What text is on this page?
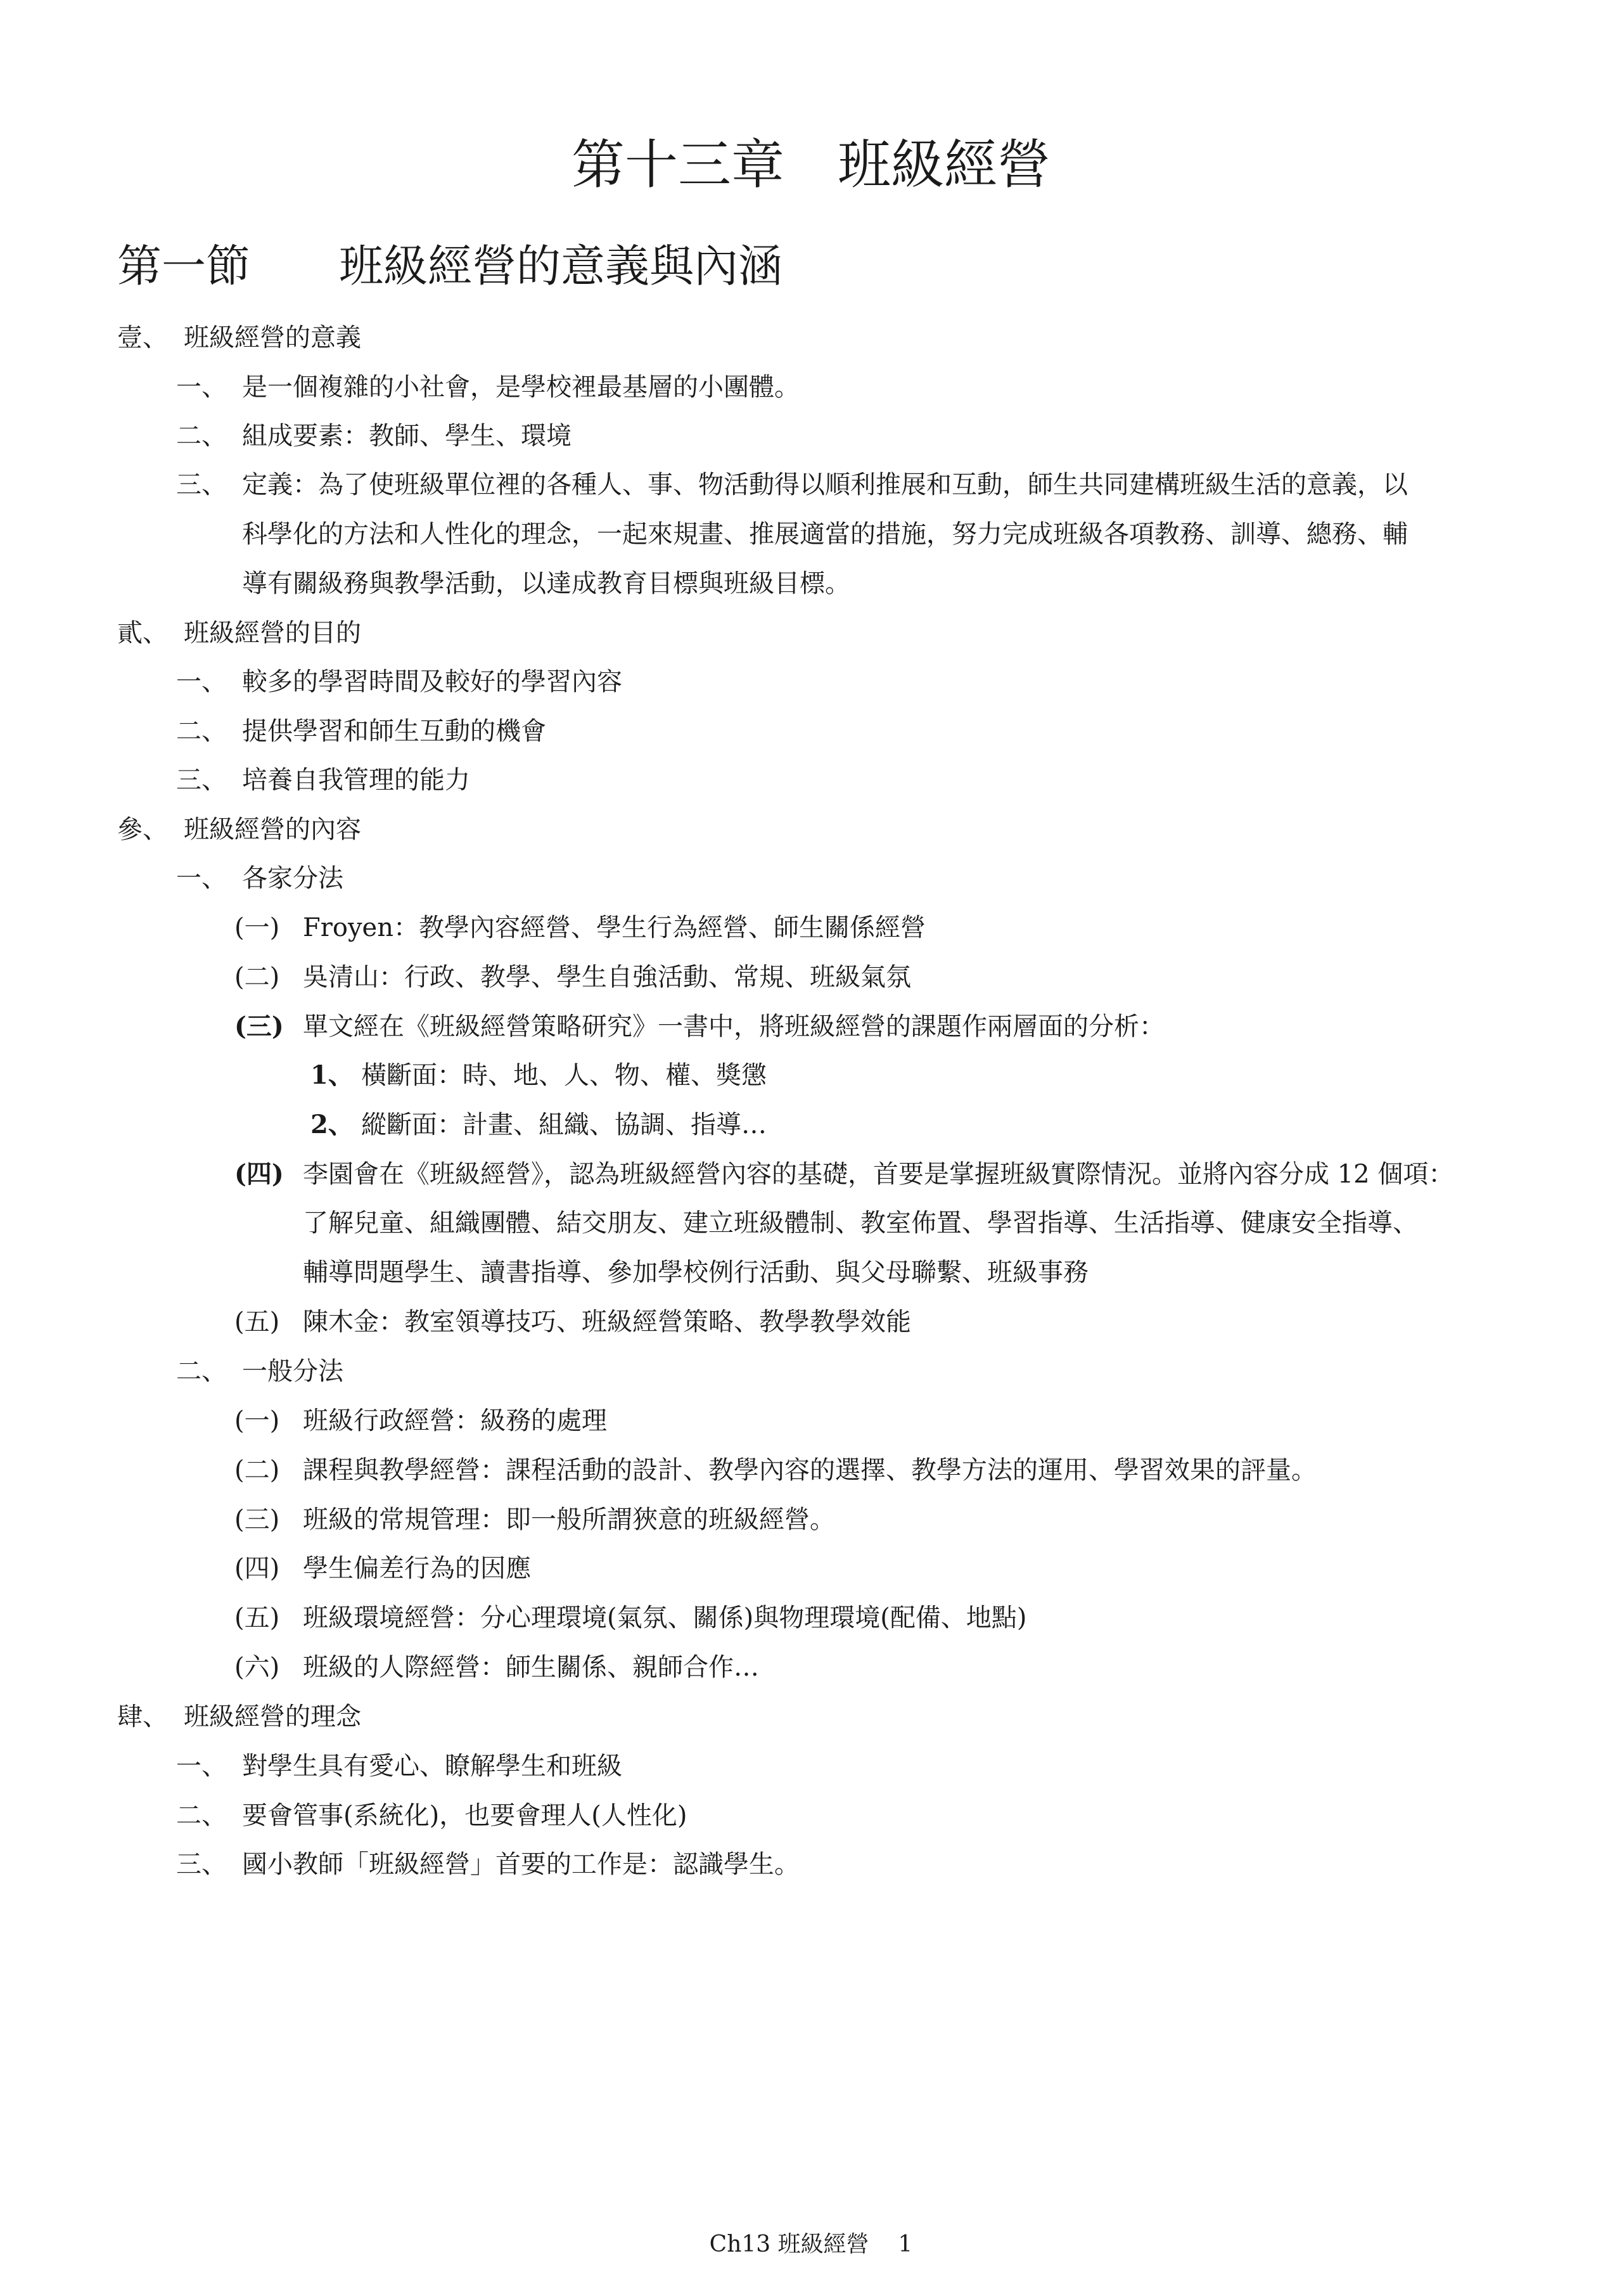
第十三章　班級經營
第一節　　班級經營的意義與內涵
壹、 班級經營的意義
一、 是一個複雜的小社會，是學校裡最基層的小團體。
二、 組成要素：教師、學生、環境
三、 定義：為了使班級單位裡的各種人、事、物活動得以順利推展和互動，師生共同建構班級生活的意義，以
科學化的方法和人性化的理念，一起來規畫、推展適當的措施，努力完成班級各項教務、訓導、總務、輔
導有關級務與教學活動，以達成教育目標與班級目標。
貳、 班級經營的目的
一、 較多的學習時間及較好的學習內容
二、 提供學習和師生互動的機會
三、 培養自我管理的能力
參、 班級經營的內容
一、 各家分法
(一) Froyen：教學內容經營、學生行為經營、師生關係經營
(二) 吳清山：行政、教學、學生自強活動、常規、班級氣氛
(三) 單文經在《班級經營策略研究》一書中，將班級經營的課題作兩層面的分析：
1、 橫斷面：時、地、人、物、權、獎懲
2、 縱斷面：計畫、組織、協調、指導…
(四) 李園會在《班級經營》，認為班級經營內容的基礎，首要是掌握班級實際情況。並將內容分成 12 個項：
了解兒童、組織團體、結交朋友、建立班級體制、教室佈置、學習指導、生活指導、健康安全指導、
輔導問題學生、讀書指導、參加學校例行活動、與父母聯繫、班級事務
(五) 陳木金：教室領導技巧、班級經營策略、教學教學效能
二、 一般分法
(一) 班級行政經營：級務的處理
(二) 課程與教學經營：課程活動的設計、教學內容的選擇、教學方法的運用、學習效果的評量。
(三) 班級的常規管理：即一般所謂狹意的班級經營。
(四) 學生偏差行為的因應
(五) 班級環境經營：分心理環境(氣氛、關係)與物理環境(配備、地點)
(六) 班級的人際經營：師生關係、親師合作…
肆、 班級經營的理念
一、 對學生具有愛心、瞭解學生和班級
二、 要會管事(系統化)，也要會理人(人性化)
三、 國小教師「班級經營」首要的工作是：認識學生。
Ch13 班級經營 1
